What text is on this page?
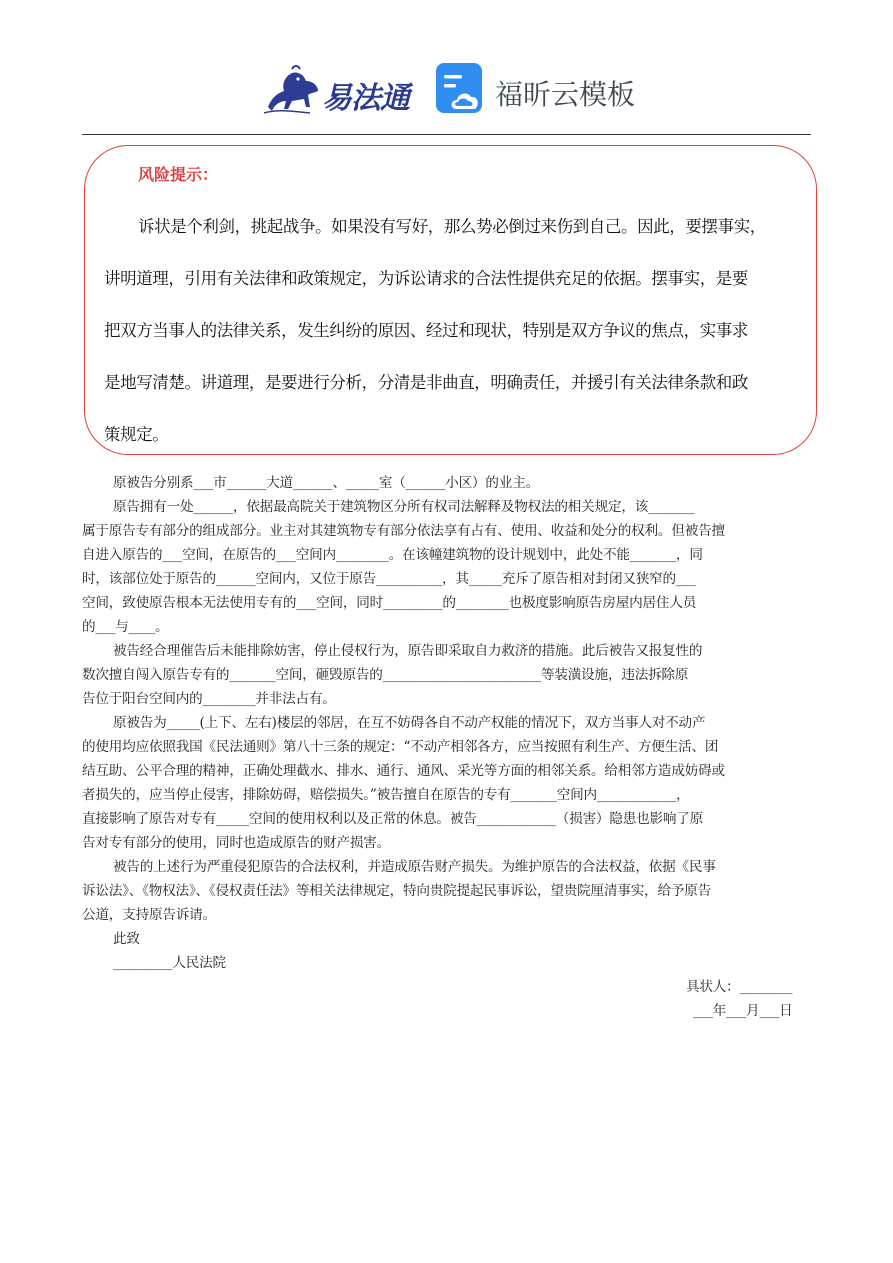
易法通	福昕云模板
风险提示：
诉状是个利剑，挑起战争。如果没有写好，那么势必倒过来伤到自己。因此，要摆事实，
讲明道理，引用有关法律和政策规定，为诉讼请求的合法性提供充足的依据。摆事实，是要
把双方当事人的法律关系，发生纠纷的原因、经过和现状，特别是双方争议的焦点，实事求
是地写清楚。讲道理，是要进行分析，分清是非曲直，明确责任，并援引有关法律条款和政
策规定。
原被告分别系___市______大道______、_____室（______小区）的业主。
原告拥有一处______，依据最高院关于建筑物区分所有权司法解释及物权法的相关规定，该_______
属于原告专有部分的组成部分。业主对其建筑物专有部分依法享有占有、使用、收益和处分的权利。但被告擅
自进入原告的___空间，在原告的___空间内________。在该幢建筑物的设计规划中，此处不能_______，同
时，该部位处于原告的______空间内，又位于原告__________，其_____充斥了原告相对封闭又狭窄的___
空间，致使原告根本无法使用专有的___空间，同时_________的________也极度影响原告房屋内居住人员
的___与____。
被告经合理催告后未能排除妨害，停止侵权行为，原告即采取自力救济的措施。此后被告又报复性的
数次擅自闯入原告专有的_______空间，砸毁原告的________________________等装潢设施，违法拆除原
告位于阳台空间内的________并非法占有。
原被告为_____(上下、左右)楼层的邻居，在互不妨碍各自不动产权能的情况下，双方当事人对不动产
的使用均应依照我国《民法通则》第八十三条的规定：“不动产相邻各方，应当按照有利生产、方便生活、团
结互助、公平合理的精神，正确处理截水、排水、通行、通风、采光等方面的相邻关系。给相邻方造成妨碍或
者损失的，应当停止侵害，排除妨碍，赔偿损失。”被告擅自在原告的专有_______空间内____________，
直接影响了原告对专有_____空间的使用权利以及正常的休息。被告____________（损害）隐患也影响了原
告对专有部分的使用，同时也造成原告的财产损害。
被告的上述行为严重侵犯原告的合法权利，并造成原告财产损失。为维护原告的合法权益，依据《民事
诉讼法》、《物权法》、《侵权责任法》等相关法律规定，特向贵院提起民事诉讼，望贵院厘清事实，给予原告
公道，支持原告诉请。
此致
_________人民法院
具状人：________
___年___月___日
